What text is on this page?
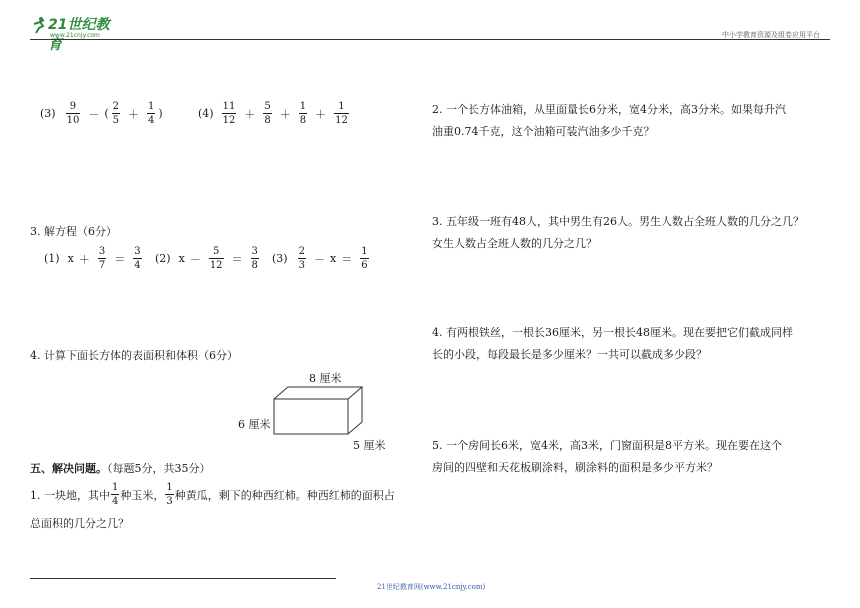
21世纪教育
www.21cnjy.com	中小学教育资源及组卷应用平台
$(3) \frac{9}{10}$ － ( $\frac{2}{5} + \frac{1}{4}$ )	$(4) \frac{11}{12} + \frac{5}{8} + \frac{1}{8} + \frac{1}{12}$
3. 解方程（6分）
(1) $x + \frac{3}{7} = \frac{3}{4} (2) x - \frac{5}{12} = \frac{3}{8} (3) \frac{2}{3} - x = \frac{1}{6}$
4. 计算下面长方体的表面积和体积（6分）
8 厘米
6 厘米
5 厘米
五、解决问题。（每题5分，共35分）
1. 一块地，其中 $\frac{1}{4}$ 种玉米， $\frac{1}{3}$ 种黄瓜，剩下的种西红柿。种西红柿的面积占
总面积的几分之几？
21世纪教育网(www.21cnjy.com)
2. 一个长方体油箱，从里面量长6分米，宽4分米，高3分米。如果每升汽
油重0.74千克，这个油箱可装汽油多少千克？
3. 五年级一班有48人，其中男生有26人。男生人数占全班人数的几分之几？
女生人数占全班人数的几分之几？
4. 有两根铁丝，一根长36厘米，另一根长48厘米。现在要把它们截成同样
长的小段，每段最长是多少厘米？一共可以截成多少段？
5. 一个房间长6米，宽4米，高3米，门窗面积是8平方米。现在要在这个
房间的四壁和天花板刷涂料，刷涂料的面积是多少平方米？
